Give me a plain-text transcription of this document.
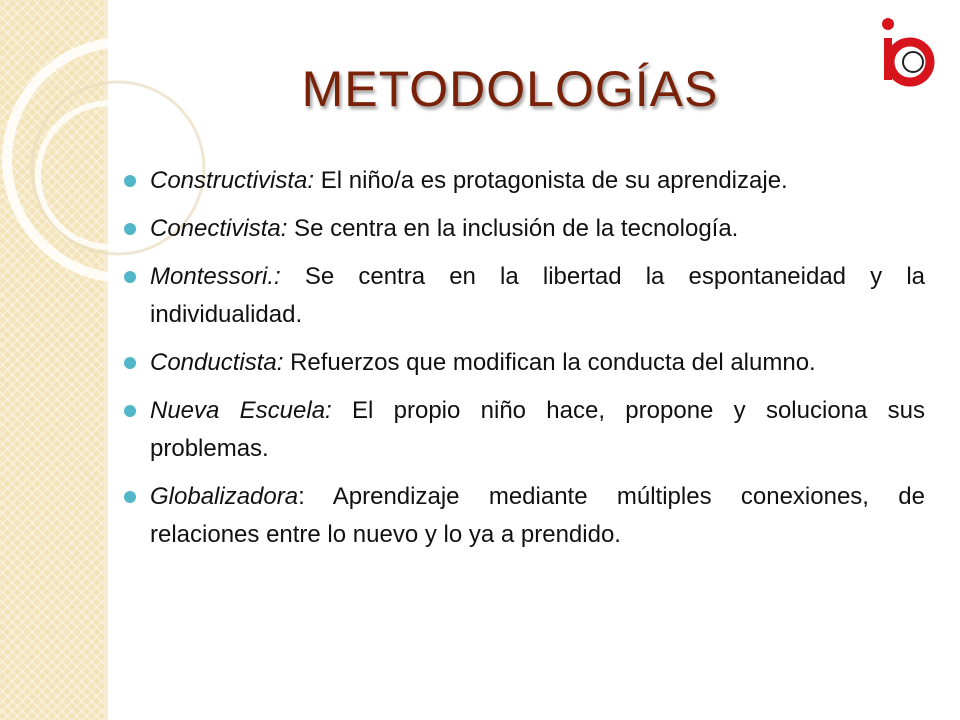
METODOLOGÍAS
Constructivista: El niño/a es protagonista de su aprendizaje.
Conectivista: Se centra en la inclusión de la tecnología.
Montessori.: Se centra en la libertad la espontaneidad y la individualidad.
Conductista: Refuerzos que modifican la conducta del alumno.
Nueva Escuela: El propio niño hace, propone y soluciona sus problemas.
Globalizadora: Aprendizaje mediante múltiples conexiones, de relaciones entre lo nuevo y lo ya a prendido.
